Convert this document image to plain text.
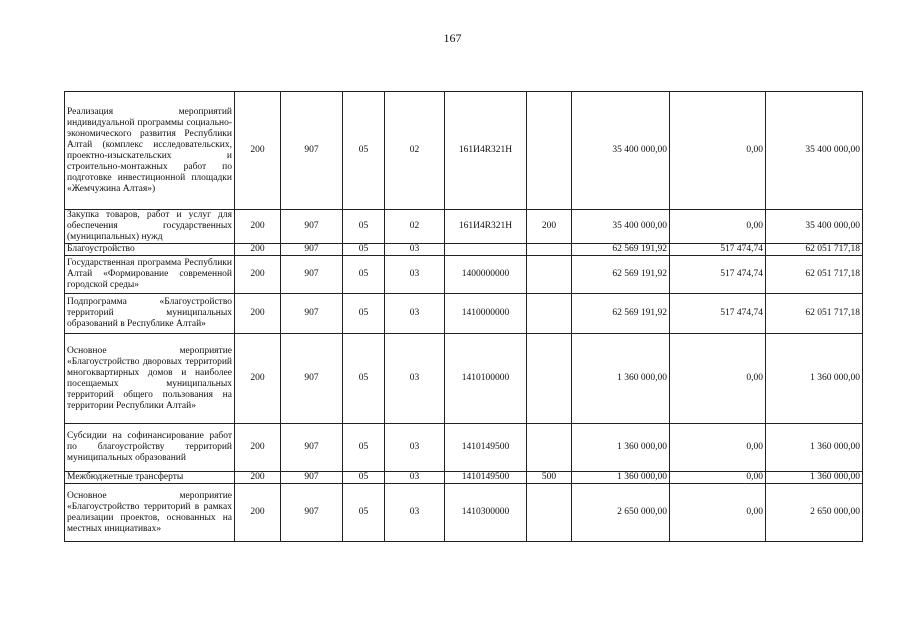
167
Реализация мероприятий индивидуальной программы социально-экономического развития Республики Алтай (комплекс исследовательских, проектно-изыскательских и строительно-монтажных работ по подготовке инвестиционной площадки «Жемчужина Алтая»)	200	907	05	02	161И4R321Н		35 400 000,00	0,00	35 400 000,00
Закупка товаров, работ и услуг для обеспечения государственных (муниципальных) нужд	200	907	05	02	161И4R321Н	200	35 400 000,00	0,00	35 400 000,00
Благоустройство	200	907	05	03			62 569 191,92	517 474,74	62 051 717,18
Государственная программа Республики Алтай «Формирование современной городской среды»	200	907	05	03	1400000000		62 569 191,92	517 474,74	62 051 717,18
Подпрограмма «Благоустройство территорий муниципальных образований в Республике Алтай»	200	907	05	03	1410000000		62 569 191,92	517 474,74	62 051 717,18
Основное мероприятие «Благоустройство дворовых территорий многоквартирных домов и наиболее посещаемых муниципальных территорий общего пользования на территории Республики Алтай»	200	907	05	03	1410100000		1 360 000,00	0,00	1 360 000,00
Субсидии на софинансирование работ по благоустройству территорий муниципальных образований	200	907	05	03	1410149500		1 360 000,00	0,00	1 360 000,00
Межбюджетные трансферты	200	907	05	03	1410149500	500	1 360 000,00	0,00	1 360 000,00
Основное мероприятие «Благоустройство территорий в рамках реализации проектов, основанных на местных инициативах»	200	907	05	03	1410300000		2 650 000,00	0,00	2 650 000,00
